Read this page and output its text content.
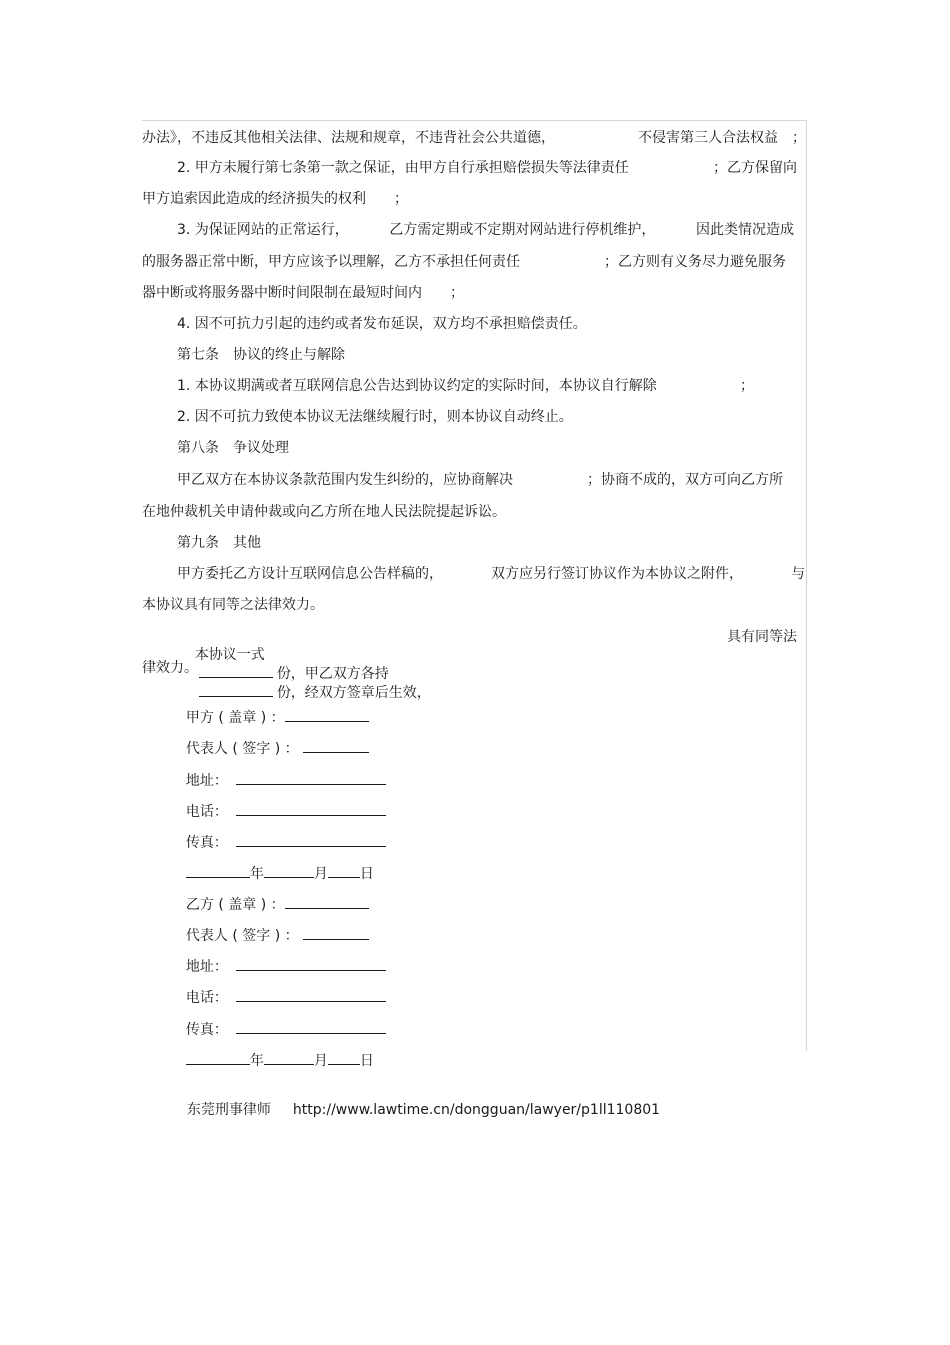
办法》，不违反其他相关法律、法规和规章，不违背社会公共道德，	不侵害第三人合法权益　；
2. 甲方未履行第七条第一款之保证，由甲方自行承担赔偿损失等法律责任	；乙方保留向
甲方追索因此造成的经济损失的权利　　；
3. 为保证网站的正常运行，	乙方需定期或不定期对网站进行停机维护，	因此类情况造成
的服务器正常中断，甲方应该予以理解，乙方不承担任何责任	；乙方则有义务尽力避免服务
器中断或将服务器中断时间限制在最短时间内　　；
4. 因不可抗力引起的违约或者发布延误，双方均不承担赔偿责任。
第七条　协议的终止与解除
1. 本协议期满或者互联网信息公告达到协议约定的实际时间，本协议自行解除	；
2. 因不可抗力致使本协议无法继续履行时，则本协议自动终止。
第八条　争议处理
甲乙双方在本协议条款范围内发生纠纷的，应协商解决	；协商不成的，双方可向乙方所
在地仲裁机关申请仲裁或向乙方所在地人民法院提起诉讼。
第九条　其他
甲方委托乙方设计互联网信息公告样稿的，	双方应另行签订协议作为本协议之附件，	与
本协议具有同等之法律效力。

本协议一式
份，甲乙双方各持
份，经双方签章后生效，

具有同等法
律效力。

甲方 ( 盖章 ) ：

代表人 ( 签字 ) ：

地址：

电话：

传真：

年	月 日

乙方 ( 盖章 ) ：

代表人 ( 签字 ) ：

地址：

电话：

传真：

年	月 日

东莞刑事律师 http://www.lawtime.cn/dongguan/lawyer/p1ll110801
